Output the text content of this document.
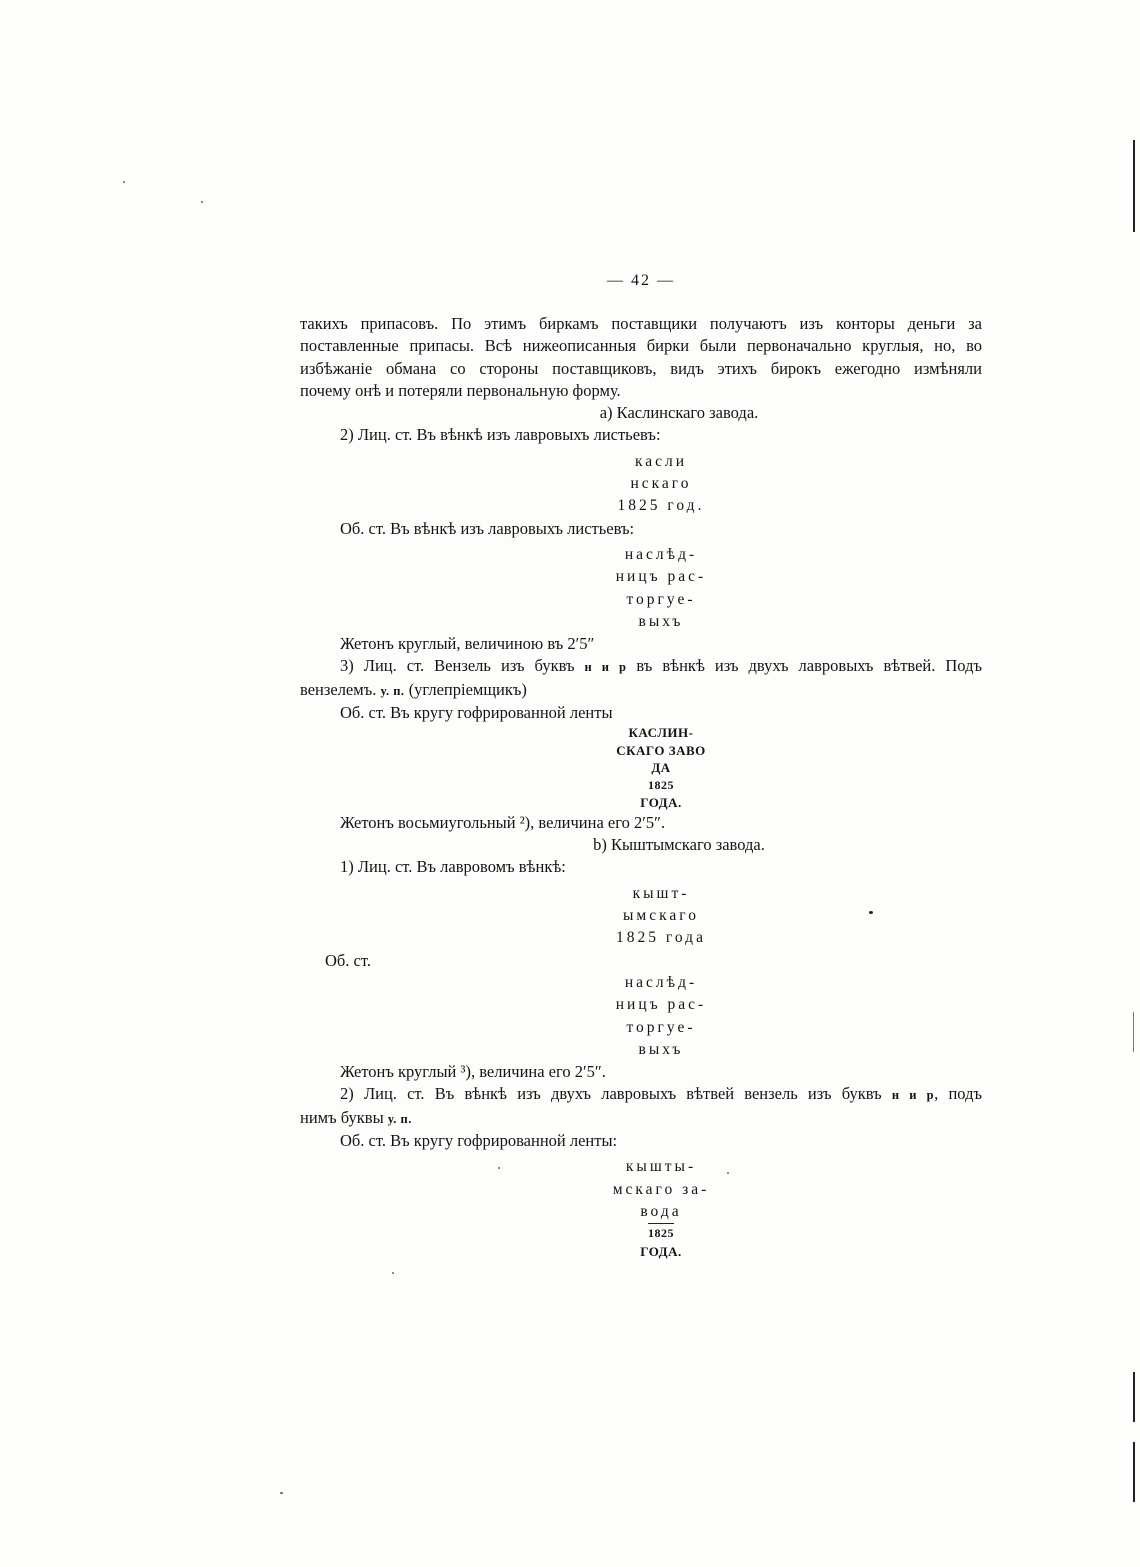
— 42 —

такихъ припасовъ. По этимъ биркамъ поставщики получаютъ изъ конторы деньги за

поставленные припасы. Всѣ нижеописанныя бирки были первоначально круглыя, но, во

избѣжаніе обмана со стороны поставщиковъ, видъ этихъ бирокъ ежегодно измѣняли

почему онѣ и потеряли первональную форму.

а) Каслинскаго завода.

2) Лиц. ст. Въ вѣнкѣ изъ лавровыхъ листьевъ:

касли

нскаго

1825 год.

Об. ст. Въ вѣнкѣ изъ лавровыхъ листьевъ:

наслѣд-

ницъ рас-

торгуе-

выхъ

Жетонъ круглый, величиною въ 2′5″

3) Лиц. ст. Вензель изъ буквъ н и р въ вѣнкѣ изъ двухъ лавровыхъ вѣтвей. Подъ

вензелемъ. у. п. (углепріемщикъ)

Об. ст. Въ кругу гофрированной ленты

КАСЛИН-

СКАГО ЗАВО

ДА

1825

ГОДА.

Жетонъ восьмиугольный ²), величина его 2′5″.

b) Кыштымскаго завода.

1) Лиц. ст. Въ лавровомъ вѣнкѣ:

кышт-

ымскаго

1825 года

Об. ст.

наслѣд-

ницъ рас-

торгуе-

выхъ

Жетонъ круглый ³), величина его 2′5″.

2) Лиц. ст. Въ вѣнкѣ изъ двухъ лавровыхъ вѣтвей вензель изъ буквъ н и р, подъ

нимъ буквы у. п.

Об. ст. Въ кругу гофрированной ленты:

кышты-

мскаго за-

вода

1825

ГОДА.
